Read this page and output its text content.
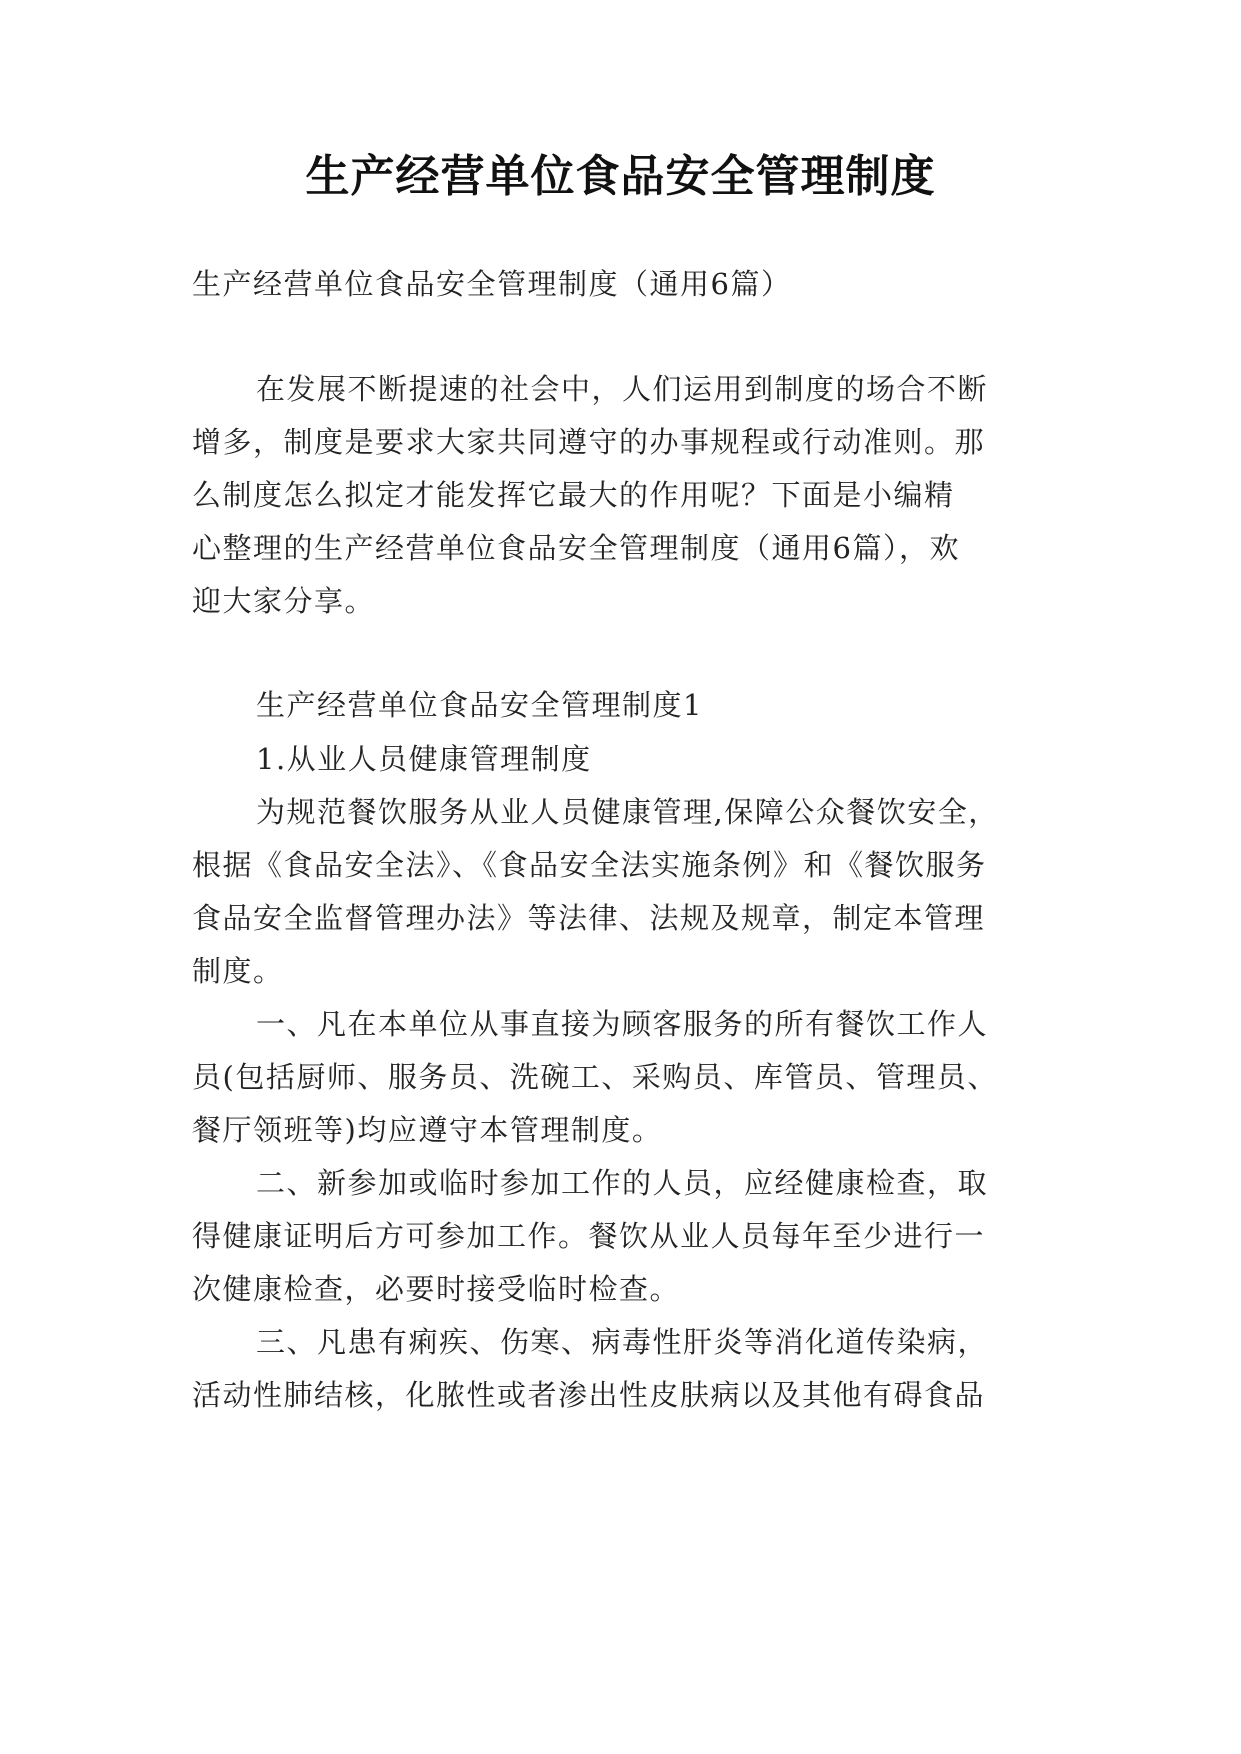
生产经营单位食品安全管理制度
生产经营单位食品安全管理制度（通用6篇）
在发展不断提速的社会中，人们运用到制度的场合不断
增多，制度是要求大家共同遵守的办事规程或行动准则。那
么制度怎么拟定才能发挥它最大的作用呢？下面是小编精
心整理的生产经营单位食品安全管理制度（通用6篇），欢
迎大家分享。
生产经营单位食品安全管理制度1
1.从业人员健康管理制度
为规范餐饮服务从业人员健康管理,保障公众餐饮安全，
根据《食品安全法》、《食品安全法实施条例》和《餐饮服务
食品安全监督管理办法》等法律、法规及规章，制定本管理
制度。
一、凡在本单位从事直接为顾客服务的所有餐饮工作人
员(包括厨师、服务员、洗碗工、采购员、库管员、管理员、
餐厅领班等)均应遵守本管理制度。
二、新参加或临时参加工作的人员，应经健康检查，取
得健康证明后方可参加工作。餐饮从业人员每年至少进行一
次健康检查，必要时接受临时检查。
三、凡患有痢疾、伤寒、病毒性肝炎等消化道传染病，
活动性肺结核，化脓性或者渗出性皮肤病以及其他有碍食品
